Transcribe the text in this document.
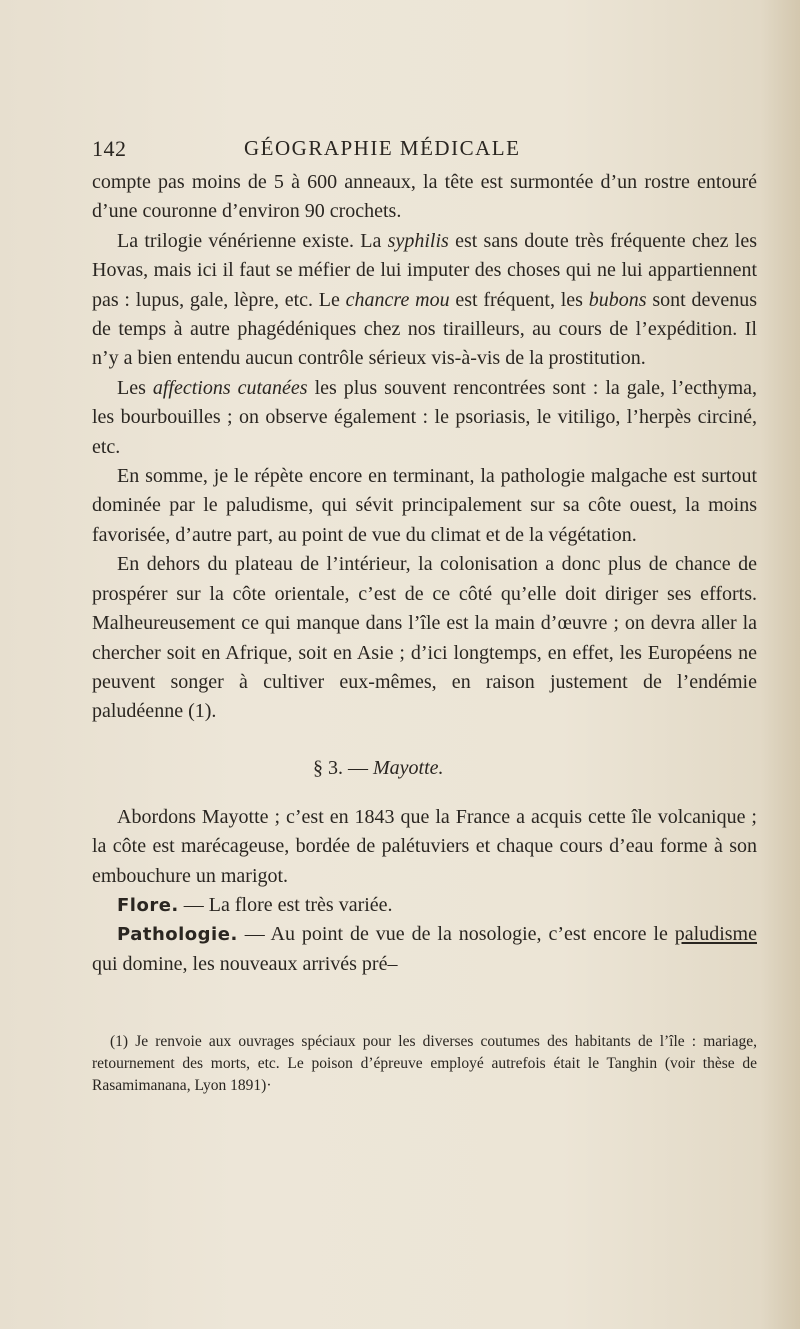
142	GÉOGRAPHIE MÉDICALE

compte pas moins de 5 à 600 anneaux, la tête est surmontée d’un rostre entouré d’une couronne d’environ 90 crochets.

La trilogie vénérienne existe. La syphilis est sans doute très fréquente chez les Hovas, mais ici il faut se méfier de lui imputer des choses qui ne lui appartiennent pas : lupus, gale, lèpre, etc. Le chancre mou est fréquent, les bubons sont devenus de temps à autre phagédéniques chez nos tirailleurs, au cours de l’expédition. Il n’y a bien entendu aucun contrôle sérieux vis-à-vis de la prostitution.

Les affections cutanées les plus souvent rencontrées sont : la gale, l’ecthyma, les bourbouilles ; on observe également : le psoriasis, le vitiligo, l’herpès circiné, etc.

En somme, je le répète encore en terminant, la pathologie malgache est surtout dominée par le paludisme, qui sévit principalement sur sa côte ouest, la moins favorisée, d’autre part, au point de vue du climat et de la végétation.

En dehors du plateau de l’intérieur, la colonisation a donc plus de chance de prospérer sur la côte orientale, c’est de ce côté qu’elle doit diriger ses efforts. Malheureusement ce qui manque dans l’île est la main d’œuvre ; on devra aller la chercher soit en Afrique, soit en Asie ; d’ici longtemps, en effet, les Européens ne peuvent songer à cultiver eux-mêmes, en raison justement de l’endémie paludéenne (1).

§ 3. — Mayotte.

Abordons Mayotte ; c’est en 1843 que la France a acquis cette île volcanique ; la côte est marécageuse, bordée de palétuviers et chaque cours d’eau forme à son embouchure un marigot.

Flore. — La flore est très variée.

Pathologie. — Au point de vue de la nosologie, c’est encore le paludisme qui domine, les nouveaux arrivés pré–

(1) Je renvoie aux ouvrages spéciaux pour les diverses coutumes des habitants de l’île : mariage, retournement des morts, etc. Le poison d’épreuve employé autrefois était le Tanghin (voir thèse de Rasamimanana, Lyon 1891)·
